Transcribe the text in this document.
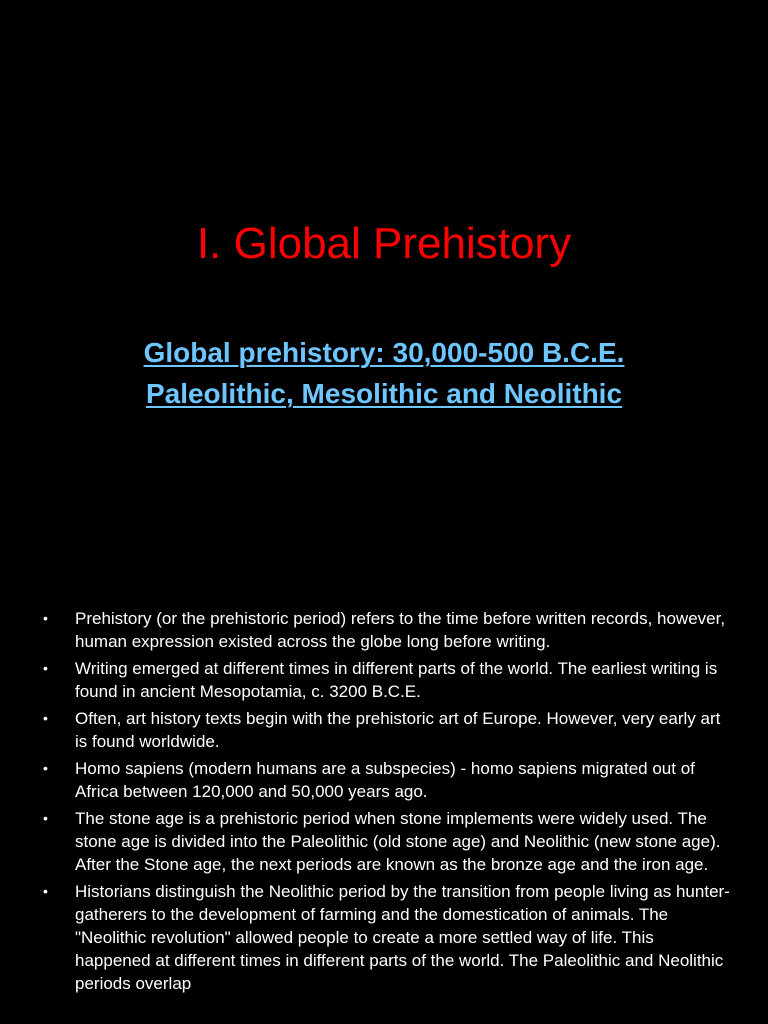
I. Global Prehistory

Global prehistory: 30,000-500 B.C.E. Paleolithic, Mesolithic and Neolithic

• Prehistory (or the prehistoric period) refers to the time before written records, however, human expression existed across the globe long before writing.
• Writing emerged at different times in different parts of the world. The earliest writing is found in ancient Mesopotamia, c. 3200 B.C.E.
• Often, art history texts begin with the prehistoric art of Europe. However, very early art is found worldwide.
• Homo sapiens (modern humans are a subspecies) - homo sapiens migrated out of Africa between 120,000 and 50,000 years ago.
• The stone age is a prehistoric period when stone implements were widely used. The stone age is divided into the Paleolithic (old stone age) and Neolithic (new stone age). After the Stone age, the next periods are known as the bronze age and the iron age.
• Historians distinguish the Neolithic period by the transition from people living as hunter-gatherers to the development of farming and the domestication of animals. The "Neolithic revolution" allowed people to create a more settled way of life. This happened at different times in different parts of the world. The Paleolithic and Neolithic periods overlap
